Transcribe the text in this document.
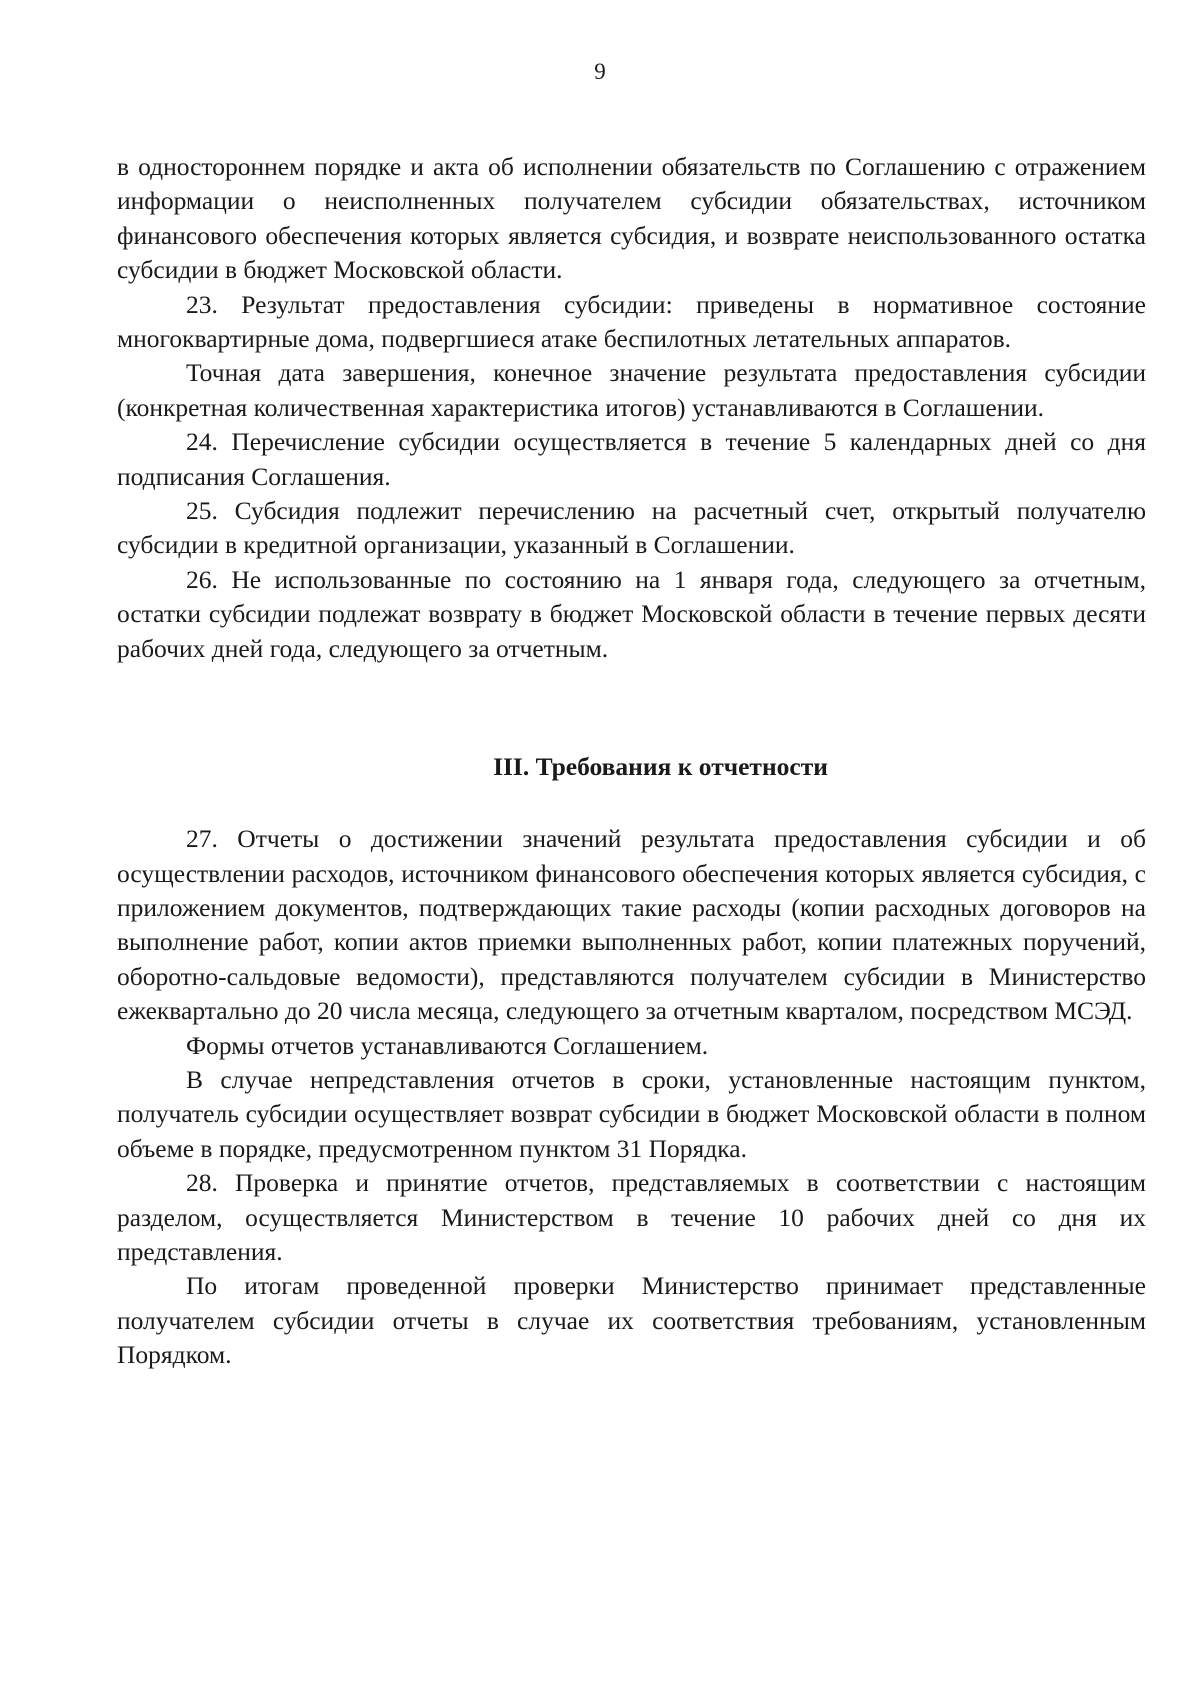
9

в одностороннем порядке и акта об исполнении обязательств по Соглашению с отражением информации о неисполненных получателем субсидии обязательствах, источником финансового обеспечения которых является субсидия, и возврате неиспользованного остатка субсидии в бюджет Московской области.

23. Результат предоставления субсидии: приведены в нормативное состояние многоквартирные дома, подвергшиеся атаке беспилотных летательных аппаратов.

Точная дата завершения, конечное значение результата предоставления субсидии (конкретная количественная характеристика итогов) устанавливаются в Соглашении.

24. Перечисление субсидии осуществляется в течение 5 календарных дней со дня подписания Соглашения.

25. Субсидия подлежит перечислению на расчетный счет, открытый получателю субсидии в кредитной организации, указанный в Соглашении.

26. Не использованные по состоянию на 1 января года, следующего за отчетным, остатки субсидии подлежат возврату в бюджет Московской области в течение первых десяти рабочих дней года, следующего за отчетным.

III. Требования к отчетности

27. Отчеты о достижении значений результата предоставления субсидии и об осуществлении расходов, источником финансового обеспечения которых является субсидия, с приложением документов, подтверждающих такие расходы (копии расходных договоров на выполнение работ, копии актов приемки выполненных работ, копии платежных поручений, оборотно-сальдовые ведомости), представляются получателем субсидии в Министерство ежеквартально до 20 числа месяца, следующего за отчетным кварталом, посредством МСЭД.

Формы отчетов устанавливаются Соглашением.

В случае непредставления отчетов в сроки, установленные настоящим пунктом, получатель субсидии осуществляет возврат субсидии в бюджет Московской области в полном объеме в порядке, предусмотренном пунктом 31 Порядка.

28. Проверка и принятие отчетов, представляемых в соответствии с настоящим разделом, осуществляется Министерством в течение 10 рабочих дней со дня их представления.

По итогам проведенной проверки Министерство принимает представленные получателем субсидии отчеты в случае их соответствия требованиям, установленным Порядком.
